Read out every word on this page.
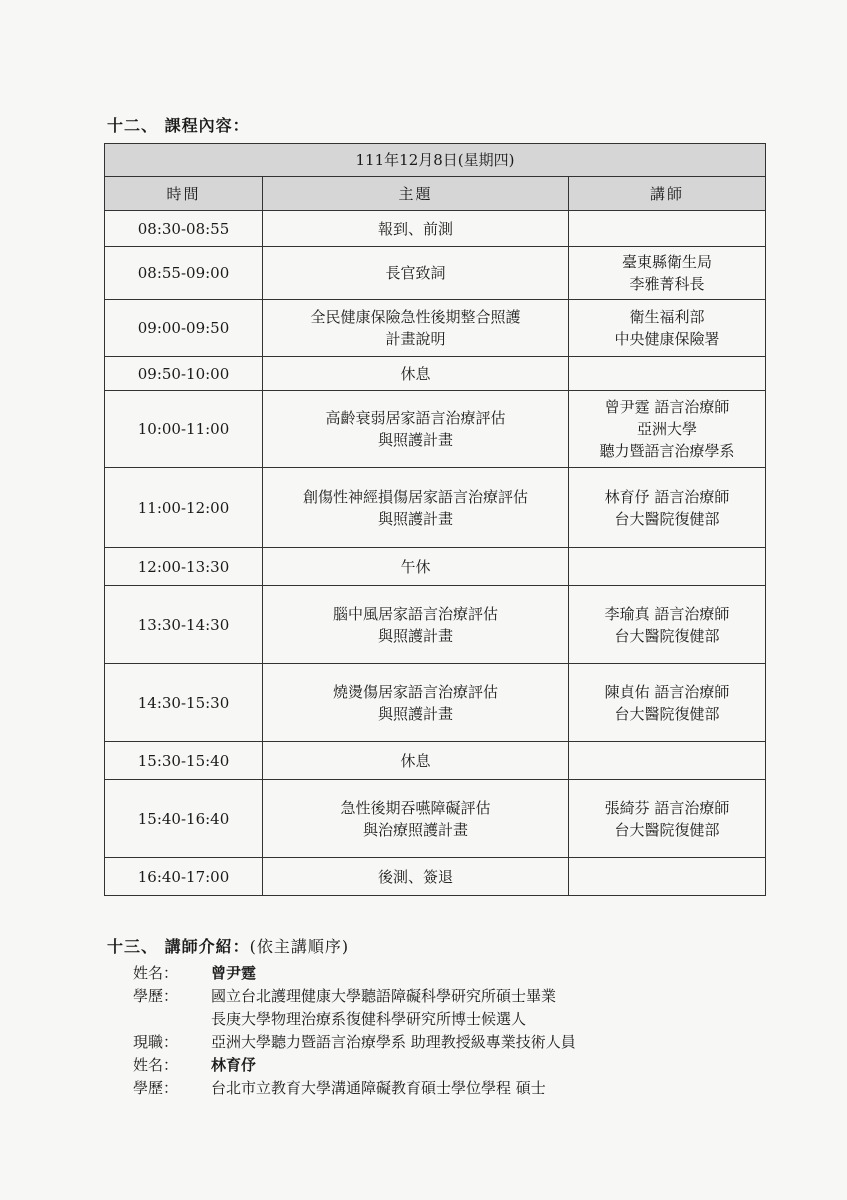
十二、 課程內容：
111年12月8日(星期四)		
時間	主題	講師
08:30-08:55	報到、前測	
08:55-09:00	長官致詞	臺東縣衛生局
李雅菁科長
09:00-09:50	全民健康保險急性後期整合照護
計畫說明	衛生福利部
中央健康保險署
09:50-10:00	休息	
10:00-11:00	高齡衰弱居家語言治療評估
與照護計畫	曾尹霆 語言治療師
亞洲大學
聽力暨語言治療學系
11:00-12:00	創傷性神經損傷居家語言治療評估
與照護計畫	林育伃 語言治療師
台大醫院復健部
12:00-13:30	午休	
13:30-14:30	腦中風居家語言治療評估
與照護計畫	李瑜真 語言治療師
台大醫院復健部
14:30-15:30	燒燙傷居家語言治療評估
與照護計畫	陳貞佑 語言治療師
台大醫院復健部
15:30-15:40	休息	
15:40-16:40	急性後期吞嚥障礙評估
與治療照護計畫	張綺芬 語言治療師
台大醫院復健部
16:40-17:00	後測、簽退	
十三、 講師介紹：(依主講順序)
姓名：	曾尹霆
學歷：	國立台北護理健康大學聽語障礙科學研究所碩士畢業
長庚大學物理治療系復健科學研究所博士候選人
現職：	亞洲大學聽力暨語言治療學系 助理教授級專業技術人員
姓名：	林育伃
學歷：	台北市立教育大學溝通障礙教育碩士學位學程 碩士
